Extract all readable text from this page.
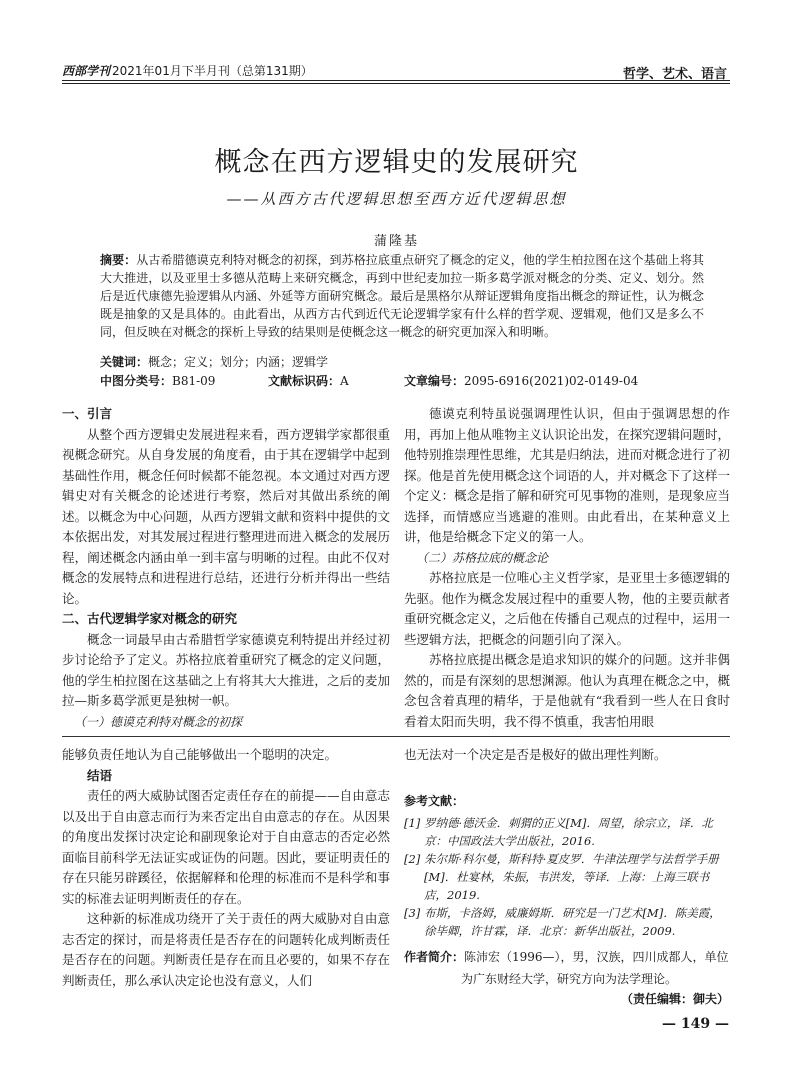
西部学刊 2021年01月下半月刊（总第131期）	哲学、艺术、语言
概念在西方逻辑史的发展研究
——从西方古代逻辑思想至西方近代逻辑思想
蒲隆基
摘要：从古希腊德谟克利特对概念的初探，到苏格拉底重点研究了概念的定义，他的学生柏拉图在这个基础上将其大大推进，以及亚里士多德从范畴上来研究概念，再到中世纪麦加拉一斯多葛学派对概念的分类、定义、划分。然后是近代康德先验逻辑从内涵、外延等方面研究概念。最后是黑格尔从辩证逻辑角度指出概念的辩证性，认为概念既是抽象的又是具体的。由此看出，从西方古代到近代无论逻辑学家有什么样的哲学观、逻辑观，他们又是多么不同，但反映在对概念的探析上导致的结果则是使概念这一概念的研究更加深入和明晰。
关键词：概念；定义；划分；内涵；逻辑学
中图分类号：B81-09	文献标识码：A	文章编号：2095-6916(2021)02-0149-04
一、引言

从整个西方逻辑史发展进程来看，西方逻辑学家都很重视概念研究。从自身发展的角度看，由于其在逻辑学中起到基础性作用，概念任何时候都不能忽视。本文通过对西方逻辑史对有关概念的论述进行考察，然后对其做出系统的阐述。以概念为中心问题，从西方逻辑文献和资料中提供的文本依据出发，对其发展过程进行整理进而进入概念的发展历程，阐述概念内涵由单一到丰富与明晰的过程。由此不仅对概念的发展特点和进程进行总结，还进行分析并得出一些结论。

二、古代逻辑学家对概念的研究

概念一词最早由古希腊哲学家德谟克利特提出并经过初步讨论给予了定义。苏格拉底着重研究了概念的定义问题，他的学生柏拉图在这基础之上有将其大大推进，之后的麦加拉—斯多葛学派更是独树一帜。

（一）德谟克利特对概念的初探

德谟克利特虽说强调理性认识，但由于强调思想的作用，再加上他从唯物主义认识论出发，在探究逻辑问题时，他特别推崇理性思维，尤其是归纳法，进而对概念进行了初探。他是首先使用概念这个词语的人，并对概念下了这样一个定义：概念是指了解和研究可见事物的准则，是现象应当选择，而情感应当逃避的准则。由此看出，在某种意义上讲，他是给概念下定义的第一人。

（二）苏格拉底的概念论

苏格拉底是一位唯心主义哲学家，是亚里士多德逻辑的先驱。他作为概念发展过程中的重要人物，他的主要贡献者重研究概念定义，之后他在传播自己观点的过程中，运用一些逻辑方法，把概念的问题引向了深入。

苏格拉底提出概念是追求知识的媒介的问题。这并非偶然的，而是有深刻的思想渊源。他认为真理在概念之中，概念包含着真理的精华，于是他就有“我看到一些人在日食时看着太阳而失明，我不得不慎重，我害怕用眼

能够负责任地认为自己能够做出一个聪明的决定。

结语

责任的两大威胁试图否定责任存在的前提——自由意志以及出于自由意志而行为来否定出自由意志的存在。从因果的角度出发探讨决定论和副现象论对于自由意志的否定必然面临目前科学无法证实或证伪的问题。因此，要证明责任的存在只能另辟蹊径，依据解释和伦理的标准而不是科学和事实的标准去证明判断责任的存在。

这种新的标准成功绕开了关于责任的两大威胁对自由意志否定的探讨，而是将责任是否存在的问题转化成判断责任是否存在的问题。判断责任是存在而且必要的，如果不存在判断责任，那么承认决定论也没有意义，人们

也无法对一个决定是否是极好的做出理性判断。

参考文献：
[1] 罗纳德·德沃金．刺猬的正义[M]．周望，徐宗立，译．北京：中国政法大学出版社，2016.
[2] 朱尔斯·科尔曼，斯科特·夏皮罗．牛津法理学与法哲学手册[M]．杜宴林，朱振，韦洪发，等译．上海：上海三联书店，2019.
[3] 布斯，卡洛姆，威廉姆斯．研究是一门艺术[M]．陈美霞，徐毕卿，许甘霖，译．北京：新华出版社，2009.
作者简介：陈沛宏（1996—），男，汉族，四川成都人，单位
为广东财经大学，研究方向为法学理论。
（责任编辑：御夫）
— 149 —
